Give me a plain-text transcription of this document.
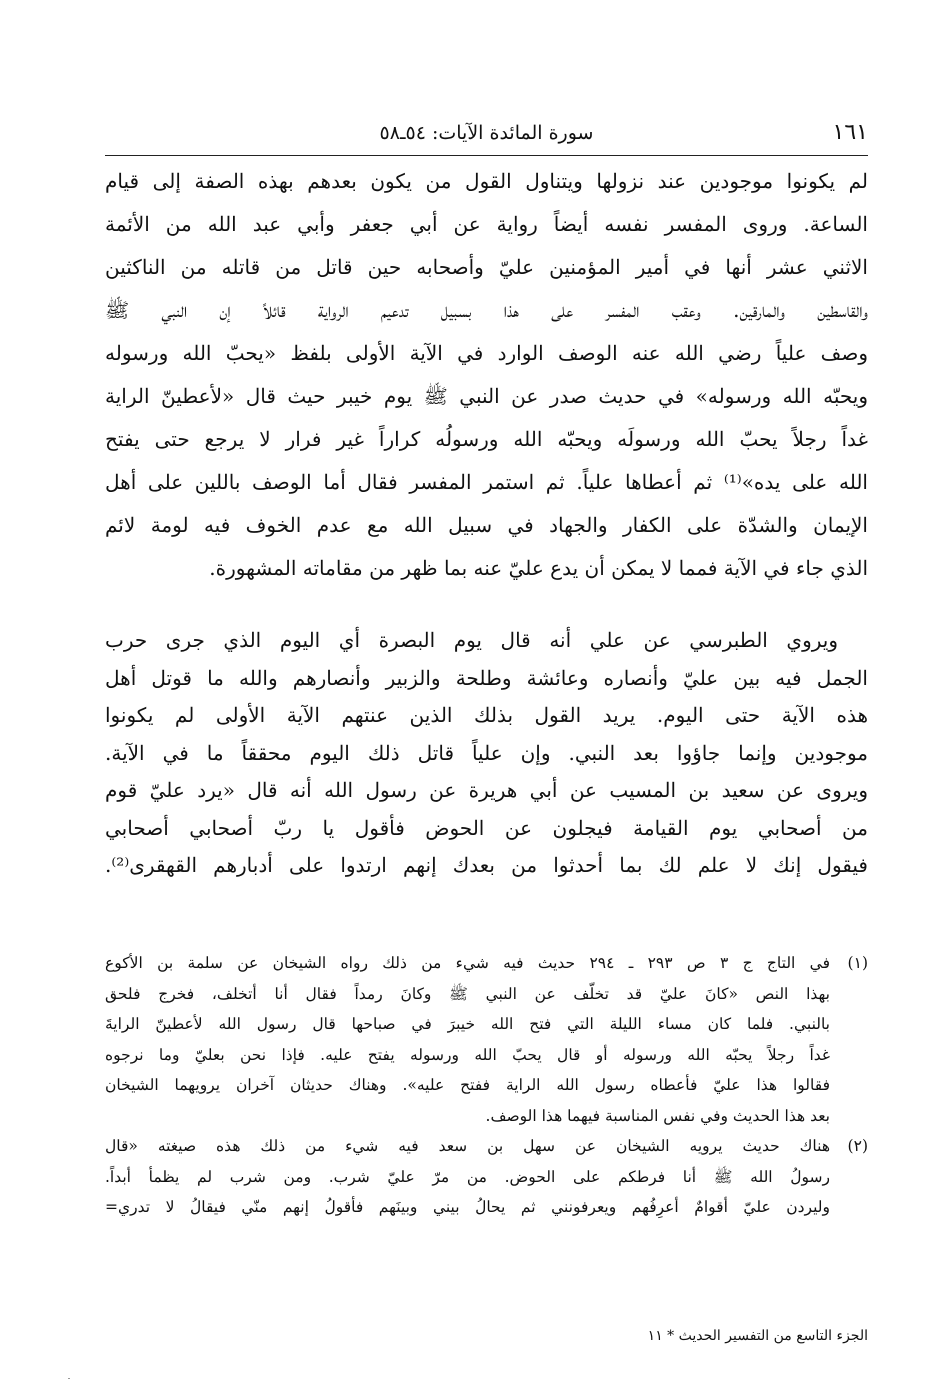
١٦١
سورة المائدة الآيات: ٥٤ـ٥٨
لم يكونوا موجودين عند نزولها ويتناول القول من يكون بعدهم بهذه الصفة إلى قيام
الساعة. وروى المفسر نفسه أيضاً رواية عن أبي جعفر وأبي عبد الله من الأئمة
الاثني عشر أنها في أمير المؤمنين عليّ وأصحابه حين قاتل من قاتله من الناكثين
والقاسطين والمارقين. وعقب المفسر على هذا بسبيل تدعيم الرواية قائلاً إن النبي ﷺ
وصف علياً رضي الله عنه الوصف الوارد في الآية الأولى بلفظ «يحبّ الله ورسوله
ويحبّه الله ورسوله» في حديث صدر عن النبي ﷺ يوم خيبر حيث قال «لأعطينّ الراية
غداً رجلاً يحبّ الله ورسولَه ويحبّه الله ورسولُه كراراً غير فرار لا يرجع حتى يفتح
الله على يده»⁽¹⁾ ثم أعطاها علياً. ثم استمر المفسر فقال أما الوصف باللين على أهل
الإيمان والشدّة على الكفار والجهاد في سبيل الله مع عدم الخوف فيه لومة لائم
الذي جاء في الآية فمما لا يمكن أن يدع عليّ عنه بما ظهر من مقاماته المشهورة.
ويروي الطبرسي عن علي أنه قال يوم البصرة أي اليوم الذي جرى حرب
الجمل فيه بين عليّ وأنصاره وعائشة وطلحة والزبير وأنصارهم والله ما قوتل أهل
هذه الآية حتى اليوم. يريد القول بذلك الذين عنتهم الآية الأولى لم يكونوا
موجودين وإنما جاؤوا بعد النبي. وإن علياً قاتل ذلك اليوم محققاً ما في الآية.
ويروى عن سعيد بن المسيب عن أبي هريرة عن رسول الله أنه قال «يرد عليّ قوم
من أصحابي يوم القيامة فيجلون عن الحوض فأقول يا ربّ أصحابي أصحابي
فيقول إنك لا علم لك بما أحدثوا من بعدك إنهم ارتدوا على أدبارهم القهقرى⁽²⁾.
(١)
في التاج ج ٣ ص ٢٩٣ ـ ٢٩٤ حديث فيه شيء من ذلك رواه الشيخان عن سلمة بن الأكوع
بهذا النص «كانَ عليّ قد تخلّف عن النبي ﷺ وكانَ رمداً فقال أنا أتخلف، فخرج فلحق
بالنبي. فلما كان مساء الليلة التي فتح الله خيبرَ في صباحها قال رسول الله لأعطينّ الرايةَ
غداً رجلاً يحبّه الله ورسوله أو قال يحبّ الله ورسوله يفتح عليه. فإذا نحن بعليّ وما نرجوه
فقالوا هذا عليّ فأعطاه رسول الله الراية ففتح عليه». وهناك حديثان آخران يرويهما الشيخان
بعد هذا الحديث وفي نفس المناسبة فيهما هذا الوصف.
(٢)
هناك حديث يرويه الشيخان عن سهل بن سعد فيه شيء من ذلك هذه صيغته «قال
رسولُ الله ﷺ أنا فرطكم على الحوض. من مرّ عليّ شرب. ومن شرب لم يظمأ أبداً.
وليردن عليّ أقوامٌ أعرِفُهم ويعرفونني ثم يحالُ بيني وبينَهم فأقولُ إنهم منّي فيقالُ لا تدري=
الجزء التاسع من التفسير الحديث * ١١
